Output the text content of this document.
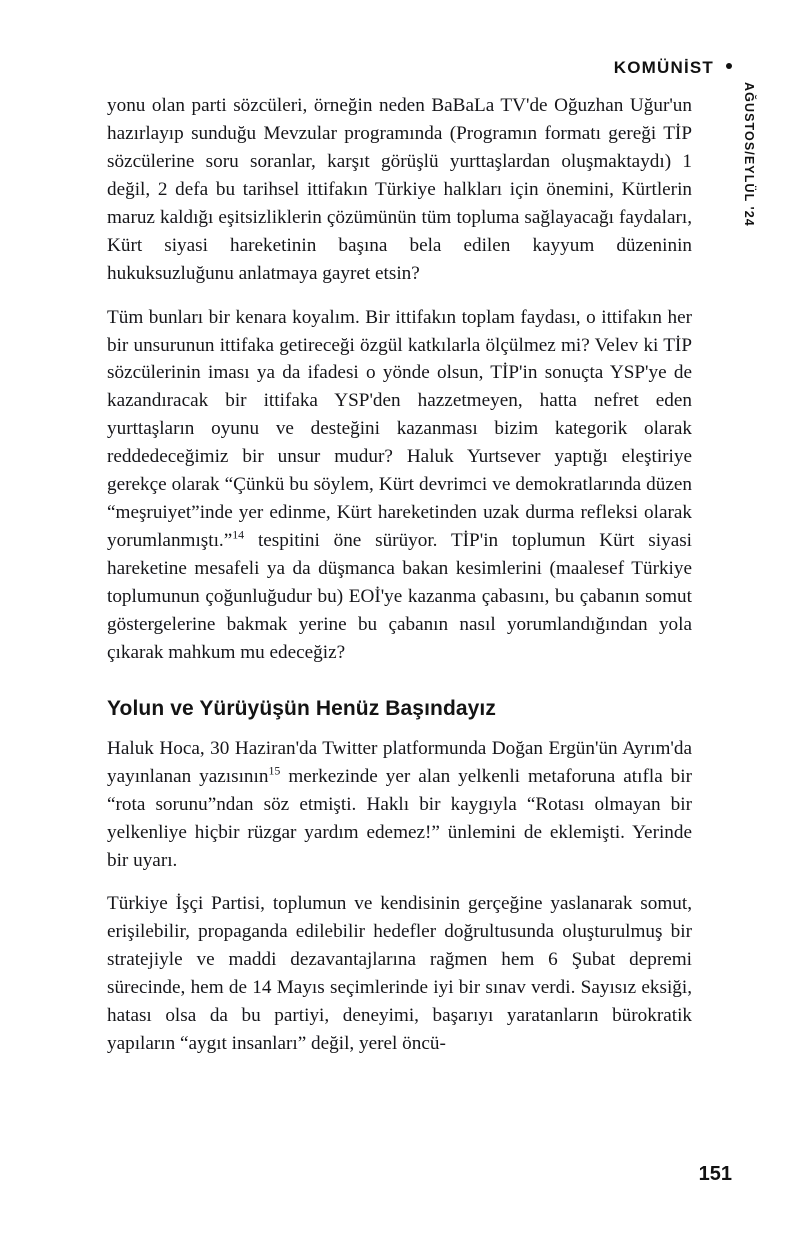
KOMÜNİST
AĞUSTOS/EYLÜL '24

yonu olan parti sözcüleri, örneğin neden BaBaLa TV'de Oğuzhan Uğur'un hazırlayıp sunduğu Mevzular programında (Programın formatı gereği TİP sözcülerine soru soranlar, karşıt görüşlü yurttaşlardan oluşmaktaydı) 1 değil, 2 defa bu tarihsel ittifakın Türkiye halkları için önemini, Kürtlerin maruz kaldığı eşitsizliklerin çözümünün tüm topluma sağlayacağı faydaları, Kürt siyasi hareketinin başına bela edilen kayyum düzeninin hukuksuzluğunu anlatmaya gayret etsin?

Tüm bunları bir kenara koyalım. Bir ittifakın toplam faydası, o ittifakın her bir unsurunun ittifaka getireceği özgül katkılarla ölçülmez mi? Velev ki TİP sözcülerinin iması ya da ifadesi o yönde olsun, TİP'in sonuçta YSP'ye de kazandıracak bir ittifaka YSP'den hazzetmeyen, hatta nefret eden yurttaşların oyunu ve desteğini kazanması bizim kategorik olarak reddedeceğimiz bir unsur mudur? Haluk Yurtsever yaptığı eleştiriye gerekçe olarak “Çünkü bu söylem, Kürt devrimci ve demokratlarında düzen “meşruiyet”inde yer edinme, Kürt hareketinden uzak durma refleksi olarak yorumlanmıştı.”$^{14}$ tespitini öne sürüyor. TİP'in toplumun Kürt siyasi hareketine mesafeli ya da düşmanca bakan kesimlerini (maalesef Türkiye toplumunun çoğunluğudur bu) EOİ'ye kazanma çabasını, bu çabanın somut göstergelerine bakmak yerine bu çabanın nasıl yorumlandığından yola çıkarak mahkum mu edeceğiz?

Yolun ve Yürüyüşün Henüz Başındayız

Haluk Hoca, 30 Haziran'da Twitter platformunda Doğan Ergün'ün Ayrım'da yayınlanan yazısının$^{15}$ merkezinde yer alan yelkenli metaforuna atıfla bir “rota sorunu”ndan söz etmişti. Haklı bir kaygıyla “Rotası olmayan bir yelkenliye hiçbir rüzgar yardım edemez!” ünlemini de eklemişti. Yerinde bir uyarı.

Türkiye İşçi Partisi, toplumun ve kendisinin gerçeğine yaslanarak somut, erişilebilir, propaganda edilebilir hedefler doğrultusunda oluşturulmuş bir stratejiyle ve maddi dezavantajlarına rağmen hem 6 Şubat depremi sürecinde, hem de 14 Mayıs seçimlerinde iyi bir sınav verdi. Sayısız eksiği, hatası olsa da bu partiyi, deneyimi, başarıyı yaratanların bürokratik yapıların “aygıt insanları” değil, yerel öncü-

151
